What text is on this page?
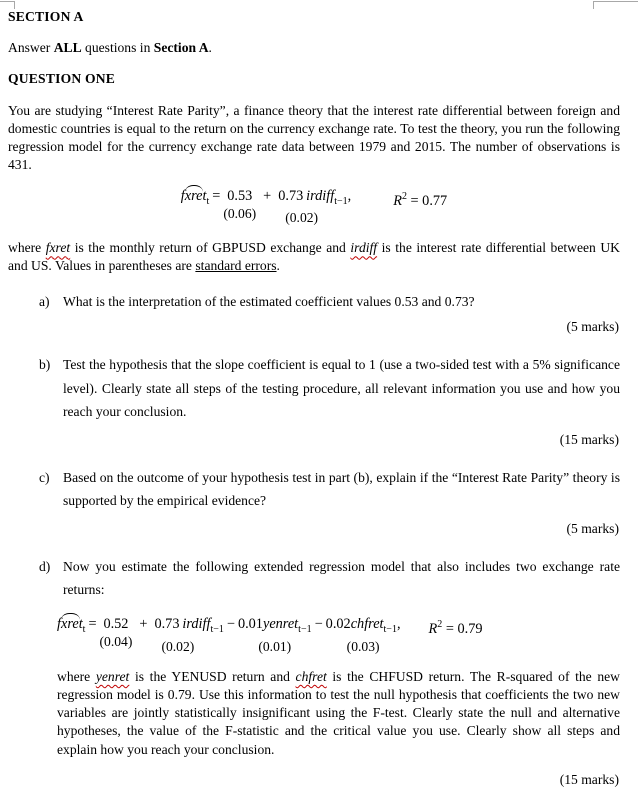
SECTION A
Answer ALL questions in Section A.
QUESTION ONE

You are studying “Interest Rate Parity”, a finance theory that the interest rate differential between foreign and domestic countries is equal to the return on the currency exchange rate. To test the theory, you run the following regression model for the currency exchange rate data between 1979 and 2015. The number of observations is 431.

fxret$_t$ = 0.53
(0.06)
+ 0.73  irdiff$_{t-1}$,
(0.02)
$R^2 = 0.77$

where fxret is the monthly return of GBPUSD exchange and irdiff is the interest rate differential between UK and US. Values in parentheses are standard errors.

a) What is the interpretation of the estimated coefficient values 0.53 and 0.73?
(5 marks)
b) Test the hypothesis that the slope coefficient is equal to 1 (use a two-sided test with a 5% significance level). Clearly state all steps of the testing procedure, all relevant information you use and how you reach your conclusion.
(15 marks)
c) Based on the outcome of your hypothesis test in part (b), explain if the “Interest Rate Parity” theory is supported by the empirical evidence?
(5 marks)
d) Now you estimate the following extended regression model that also includes two exchange rate returns:
fxret$_t$ = 0.52
(0.04)
+ 0.73  irdiff$_{t-1}$
(0.02)
− 0.01yenret$_{t-1}$
(0.01)
− 0.02chfret$_{t-1}$,
(0.03)
$R^2 = 0.79$

where yenret is the YENUSD return and chfret is the CHFUSD return. The R-squared of the new regression model is 0.79. Use this information to test the null hypothesis that coefficients the two new variables are jointly statistically insignificant using the F-test. Clearly state the null and alternative hypotheses, the value of the F-statistic and the critical value you use. Clearly show all steps and explain how you reach your conclusion.

(15 marks)
